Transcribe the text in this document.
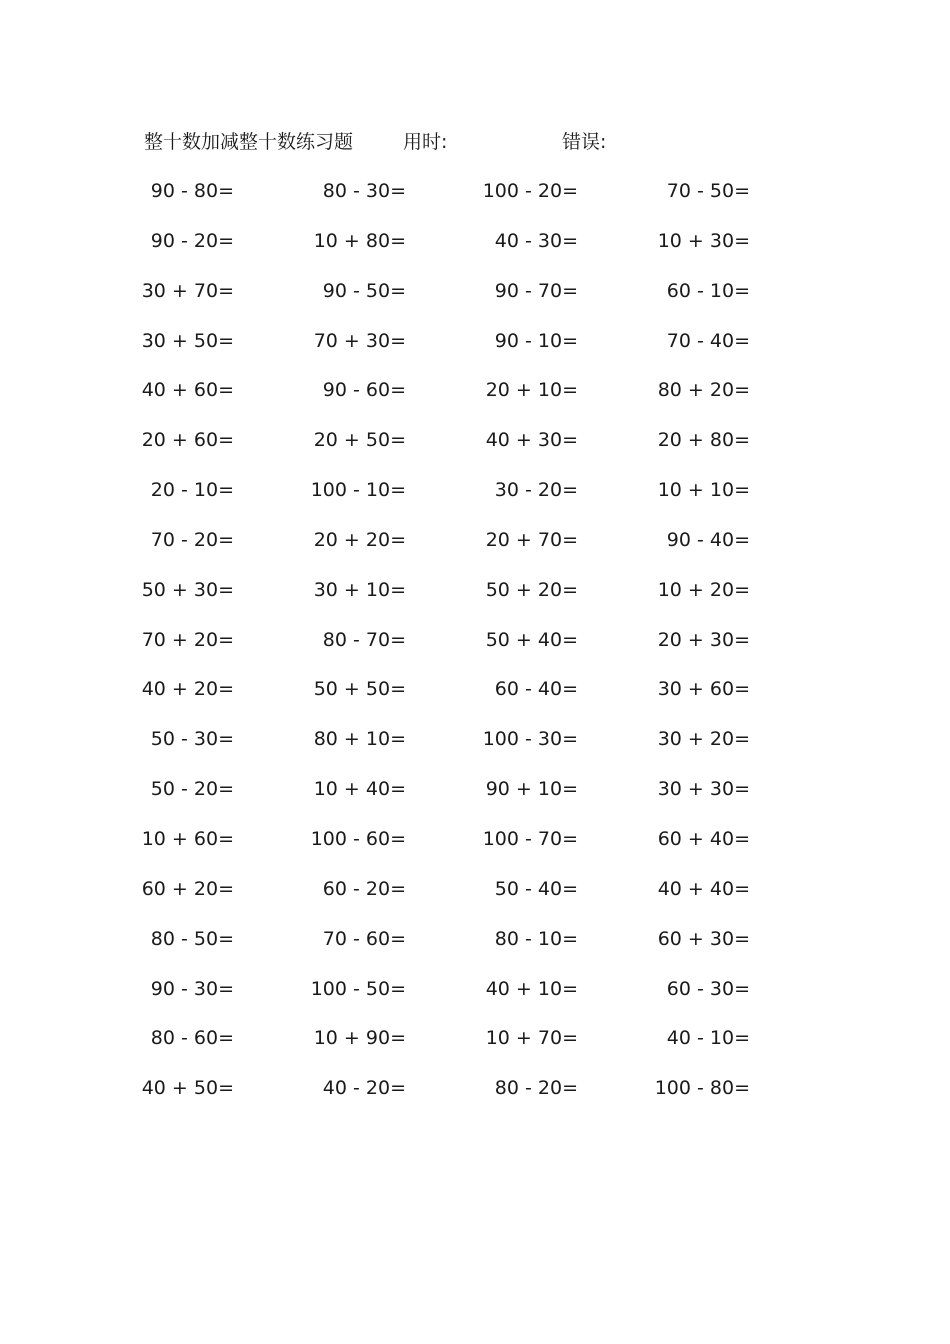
整十数加减整十数练习题	用时:	错误:
90 - 80=	80 - 30=	100 - 20=	70 - 50=
90 - 20=	10 + 80=	40 - 30=	10 + 30=
30 + 70=	90 - 50=	90 - 70=	60 - 10=
30 + 50=	70 + 30=	90 - 10=	70 - 40=
40 + 60=	90 - 60=	20 + 10=	80 + 20=
20 + 60=	20 + 50=	40 + 30=	20 + 80=
20 - 10=	100 - 10=	30 - 20=	10 + 10=
70 - 20=	20 + 20=	20 + 70=	90 - 40=
50 + 30=	30 + 10=	50 + 20=	10 + 20=
70 + 20=	80 - 70=	50 + 40=	20 + 30=
40 + 20=	50 + 50=	60 - 40=	30 + 60=
50 - 30=	80 + 10=	100 - 30=	30 + 20=
50 - 20=	10 + 40=	90 + 10=	30 + 30=
10 + 60=	100 - 60=	100 - 70=	60 + 40=
60 + 20=	60 - 20=	50 - 40=	40 + 40=
80 - 50=	70 - 60=	80 - 10=	60 + 30=
90 - 30=	100 - 50=	40 + 10=	60 - 30=
80 - 60=	10 + 90=	10 + 70=	40 - 10=
40 + 50=	40 - 20=	80 - 20=	100 - 80=
